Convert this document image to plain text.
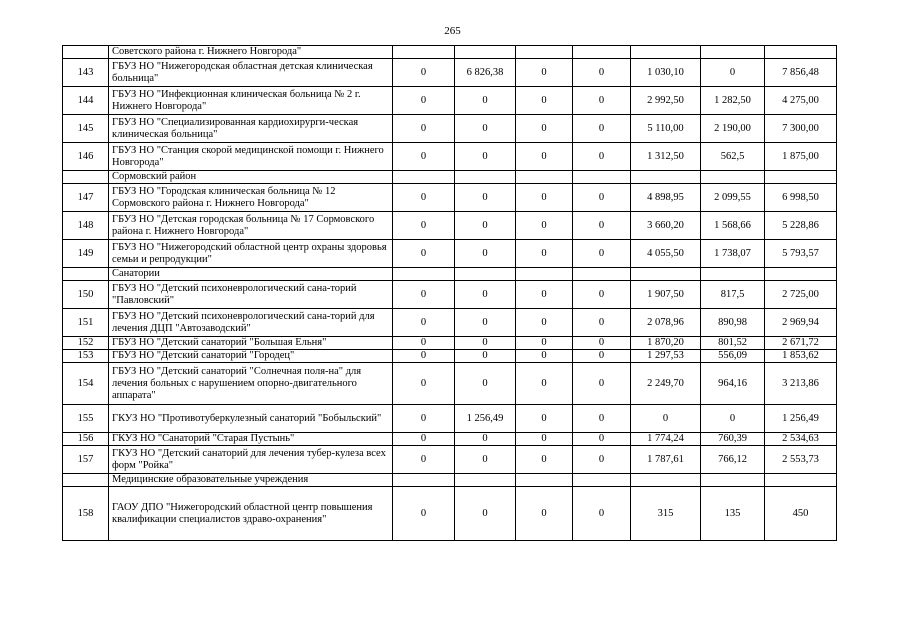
265
	Советского района г. Нижнего Новгорода"							
143	ГБУЗ НО "Нижегородская областная детская клиническая больница"	0	6 826,38	0	0	1 030,10	0	7 856,48
144	ГБУЗ НО "Инфекционная клиническая больница № 2 г. Нижнего Новгорода"	0	0	0	0	2 992,50	1 282,50	4 275,00
145	ГБУЗ НО "Специализированная кардиохирурги-ческая клиническая больница"	0	0	0	0	5 110,00	2 190,00	7 300,00
146	ГБУЗ НО "Станция скорой медицинской помощи г. Нижнего Новгорода"	0	0	0	0	1 312,50	562,5	1 875,00
	Сормовский район							
147	ГБУЗ НО "Городская клиническая больница № 12 Сормовского района г. Нижнего Новгорода"	0	0	0	0	4 898,95	2 099,55	6 998,50
148	ГБУЗ НО "Детская городская больница № 17 Сормовского района г. Нижнего Новгорода"	0	0	0	0	3 660,20	1 568,66	5 228,86
149	ГБУЗ НО "Нижегородский областной центр охраны здоровья семьи и репродукции"	0	0	0	0	4 055,50	1 738,07	5 793,57
	Санатории							
150	ГБУЗ НО "Детский психоневрологический сана-торий "Павловский"	0	0	0	0	1 907,50	817,5	2 725,00
151	ГБУЗ НО "Детский психоневрологический сана-торий для лечения ДЦП "Автозаводский"	0	0	0	0	2 078,96	890,98	2 969,94
152	ГБУЗ НО "Детский санаторий "Большая Ельня"	0	0	0	0	1 870,20	801,52	2 671,72
153	ГБУЗ НО "Детский санаторий "Городец"	0	0	0	0	1 297,53	556,09	1 853,62
154	ГБУЗ НО "Детский санаторий "Солнечная поля-на" для лечения больных с нарушением опорно-двигательного аппарата"	0	0	0	0	2 249,70	964,16	3 213,86
155	ГКУЗ НО "Противотуберкулезный санаторий "Бобыльский"	0	1 256,49	0	0	0	0	1 256,49
156	ГКУЗ НО "Санаторий "Старая Пустынь"	0	0	0	0	1 774,24	760,39	2 534,63
157	ГКУЗ НО "Детский санаторий для лечения тубер-кулеза всех форм "Ройка"	0	0	0	0	1 787,61	766,12	2 553,73
	Медицинские образовательные учреждения							
158	ГАОУ ДПО "Нижегородский областной центр повышения квалификации специалистов здраво-охранения"	0	0	0	0	315	135	450
